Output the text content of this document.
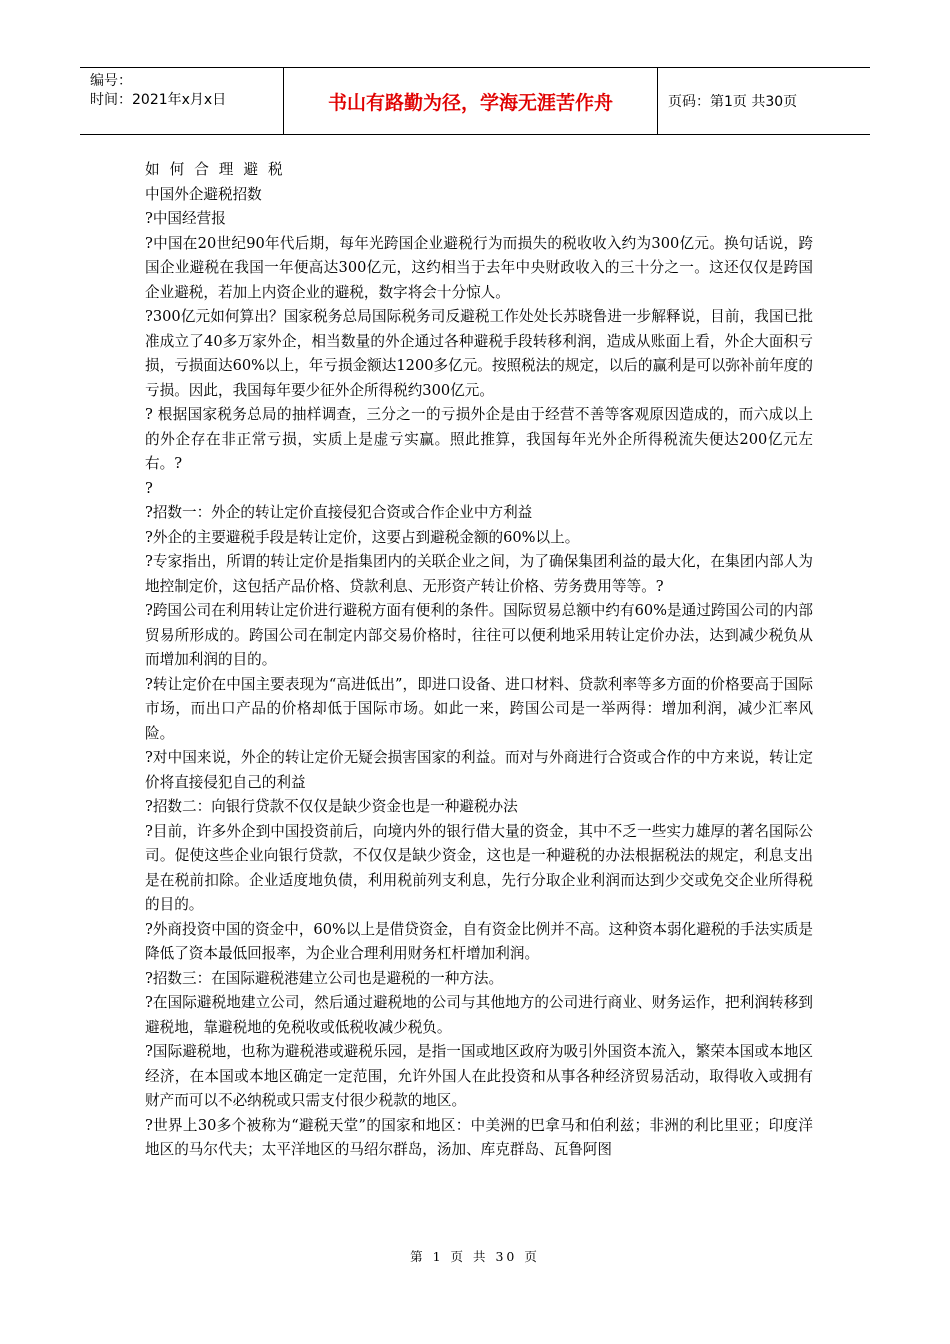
编号：
时间：2021年x月x日	书山有路勤为径，学海无涯苦作舟	页码：第1页 共30页

如何合理避税

中国外企避税招数

?中国经营报

?中国在20世纪90年代后期，每年光跨国企业避税行为而损失的税收收入约为300亿元。换句话说，跨国企业避税在我国一年便高达300亿元，这约相当于去年中央财政收入的三十分之一。这还仅仅是跨国企业避税，若加上内资企业的避税，数字将会十分惊人。

?300亿元如何算出？国家税务总局国际税务司反避税工作处处长苏晓鲁进一步解释说，目前，我国已批准成立了40多万家外企，相当数量的外企通过各种避税手段转移利润，造成从账面上看，外企大面积亏损，亏损面达60%以上，年亏损金额达1200多亿元。按照税法的规定，以后的赢利是可以弥补前年度的亏损。因此，我国每年要少征外企所得税约300亿元。

? 根据国家税务总局的抽样调查，三分之一的亏损外企是由于经营不善等客观原因造成的，而六成以上的外企存在非正常亏损，实质上是虚亏实赢。照此推算，我国每年光外企所得税流失便达200亿元左右。?

?

?招数一：外企的转让定价直接侵犯合资或合作企业中方利益

?外企的主要避税手段是转让定价，这要占到避税金额的60%以上。

?专家指出，所谓的转让定价是指集团内的关联企业之间，为了确保集团利益的最大化，在集团内部人为地控制定价，这包括产品价格、贷款利息、无形资产转让价格、劳务费用等等。?

?跨国公司在利用转让定价进行避税方面有便利的条件。国际贸易总额中约有60%是通过跨国公司的内部贸易所形成的。跨国公司在制定内部交易价格时，往往可以便利地采用转让定价办法，达到减少税负从而增加利润的目的。

?转让定价在中国主要表现为“高进低出”，即进口设备、进口材料、贷款利率等多方面的价格要高于国际市场，而出口产品的价格却低于国际市场。如此一来，跨国公司是一举两得：增加利润，减少汇率风险。

?对中国来说，外企的转让定价无疑会损害国家的利益。而对与外商进行合资或合作的中方来说，转让定价将直接侵犯自己的利益

?招数二：向银行贷款不仅仅是缺少资金也是一种避税办法

?目前，许多外企到中国投资前后，向境内外的银行借大量的资金，其中不乏一些实力雄厚的著名国际公司。促使这些企业向银行贷款，不仅仅是缺少资金，这也是一种避税的办法根据税法的规定，利息支出是在税前扣除。企业适度地负债，利用税前列支利息，先行分取企业利润而达到少交或免交企业所得税的目的。

?外商投资中国的资金中，60%以上是借贷资金，自有资金比例并不高。这种资本弱化避税的手法实质是降低了资本最低回报率，为企业合理利用财务杠杆增加利润。

?招数三：在国际避税港建立公司也是避税的一种方法。

?在国际避税地建立公司，然后通过避税地的公司与其他地方的公司进行商业、财务运作，把利润转移到避税地，靠避税地的免税收或低税收减少税负。

?国际避税地，也称为避税港或避税乐园，是指一国或地区政府为吸引外国资本流入，繁荣本国或本地区经济，在本国或本地区确定一定范围，允许外国人在此投资和从事各种经济贸易活动，取得收入或拥有财产而可以不必纳税或只需支付很少税款的地区。

?世界上30多个被称为“避税天堂”的国家和地区：中美洲的巴拿马和伯利兹；非洲的利比里亚；印度洋地区的马尔代夫；太平洋地区的马绍尔群岛，汤加、库克群岛、瓦鲁阿图

第 1 页 共 30 页
